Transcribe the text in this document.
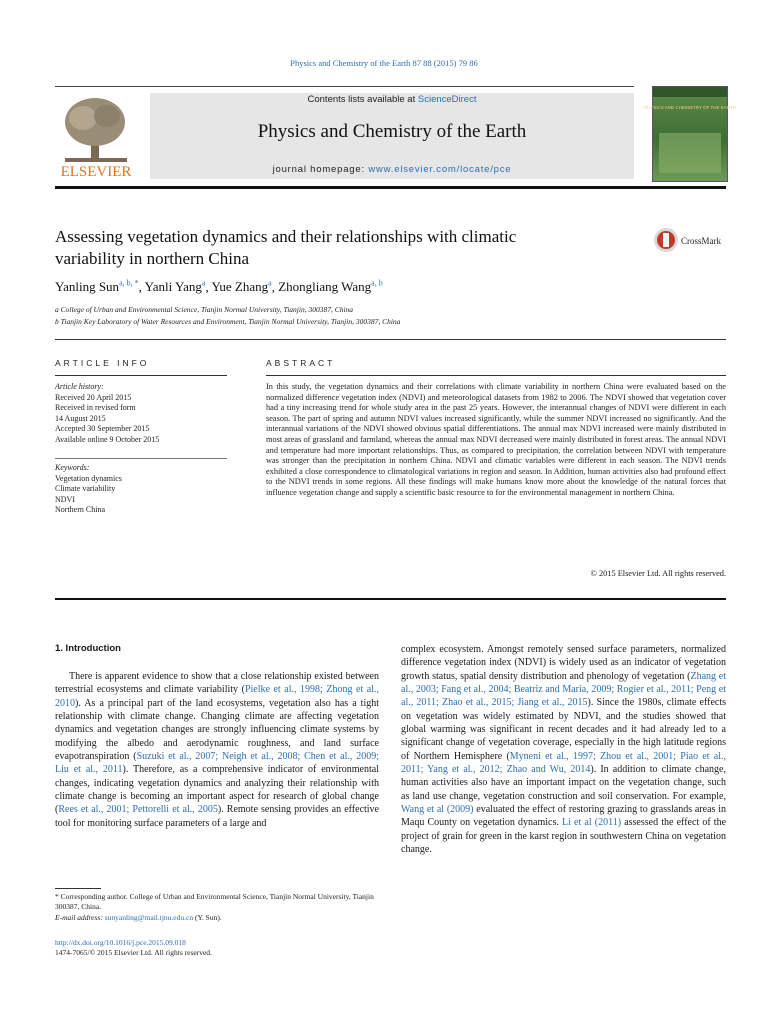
Physics and Chemistry of the Earth 87 88 (2015) 79 86
ELSEVIER
Contents lists available at ScienceDirect
Physics and Chemistry of the Earth
journal homepage: www.elsevier.com/locate/pce
PHYSICS AND CHEMISTRY OF THE EARTH
Assessing vegetation dynamics and their relationships with climatic
variability in northern China
CrossMark
Yanling Sun$^{a, b, *}$, Yanli Yang$^a$, Yue Zhang$^a$, Zhongliang Wang$^{a, b}$
a College of Urban and Environmental Science, Tianjin Normal University, Tianjin, 300387, China
b Tianjin Key Laboratory of Water Resources and Environment, Tianjin Normal University, Tianjin, 300387, China
ARTICLE INFO
Article history:
Received 20 April 2015
Received in revised form
14 August 2015
Accepted 30 September 2015
Available online 9 October 2015
Keywords:
Vegetation dynamics
Climate variability
NDVI
Northern China
ABSTRACT
In this study, the vegetation dynamics and their correlations with climate variability in northern China were evaluated based on the normalized difference vegetation index (NDVI) and meteorological datasets from 1982 to 2006. The NDVI showed that vegetation cover had a tiny increasing trend for whole study area in the past 25 years. However, the interannual changes of NDVI were different in each season. The part of spring and autumn NDVI values increased significantly, while the summer NDVI increased no significantly. And the interannual variations of the NDVI showed obvious spatial differentiations. The annual max NDVI increased were mainly distributed in most areas of grassland and farmland, whereas the annual max NDVI decreased were mainly distributed in forest areas. The annual NDVI and temperature had more important relationships. Thus, as compared to precipitation, the correlation between NDVI with temperature was stronger than the precipitation in northern China. NDVI and climatic variables were different in each season. The NDVI trends exhibited a close correspondence to climatological variations in region and season. In Addition, human activities also had profound effect to the NDVI trends in some regions. All these findings will make humans know more about the knowledge of the natural forces that influence vegetation change and supply a scientific basic resource to for the environmental management in northern China.
© 2015 Elsevier Ltd. All rights reserved.
1. Introduction

There is apparent evidence to show that a close relationship existed between terrestrial ecosystems and climate variability (Pielke et al., 1998; Zhong et al., 2010). As a principal part of the land ecosystems, vegetation also has a tight relationship with climate change. Changing climate are affecting vegetation dynamics and vegetation changes are strongly influencing climate systems by modifying the albedo and aerodynamic roughness, and land surface evapotranspiration (Suzuki et al., 2007; Neigh et al., 2008; Chen et al., 2009; Liu et al., 2011). Therefore, as a comprehensive indicator of environmental changes, indicating vegetation dynamics and analyzing their relationship with climate change is becoming an important aspect for research of global change (Rees et al., 2001; Pettorelli et al., 2005). Remote sensing provides an effective tool for monitoring surface parameters of a large and

complex ecosystem. Amongst remotely sensed surface parameters, normalized difference vegetation index (NDVI) is widely used as an indicator of vegetation growth status, spatial density distribution and phenology of vegetation (Zhang et al., 2003; Fang et al., 2004; Beatriz and Maria, 2009; Rogier et al., 2011; Peng et al., 2011; Zhao et al., 2015; Jiang et al., 2015). Since the 1980s, climate effects on vegetation was widely estimated by NDVI, and the studies showed that global warming was significant in recent decades and it had already led to a significant change of vegetation coverage, especially in the high latitude regions of Northern Hemisphere (Myneni et al., 1997; Zhou et al., 2001; Piao et al., 2011; Yang et al., 2012; Zhao and Wu, 2014). In addition to climate change, human activities also have an important impact on the vegetation change, such as land use change, vegetation construction and soil conservation. For example, Wang et al (2009) evaluated the effect of restoring grazing to grasslands areas in Maqu County on vegetation dynamics. Li et al (2011) assessed the effect of the project of grain for green in the karst region in southwestern China on vegetation change.

* Corresponding author. College of Urban and Environmental Science, Tianjin Normal University, Tianjin 300387, China.
E-mail address: sunyanling@mail.tjnu.edu.cn (Y. Sun).
http://dx.doi.org/10.1016/j.pce.2015.09.018
1474-7065/© 2015 Elsevier Ltd. All rights reserved.
